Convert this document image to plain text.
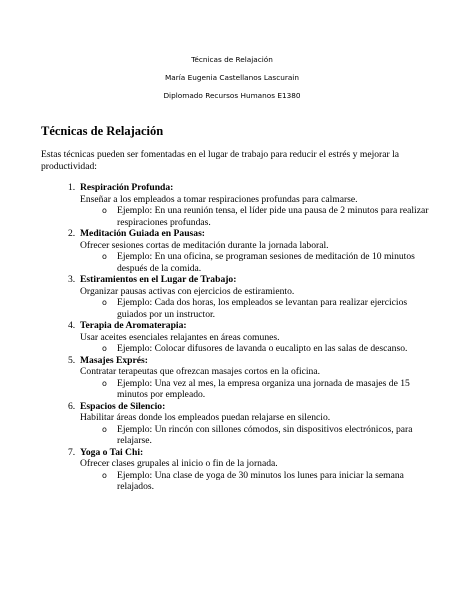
Técnicas de Relajación
María Eugenia Castellanos Lascurain
Diplomado Recursos Humanos E1380
Técnicas de Relajación
Estas técnicas pueden ser fomentadas en el lugar de trabajo para reducir el estrés y mejorar la productividad:
1. Respiración Profunda:
Enseñar a los empleados a tomar respiraciones profundas para calmarse.
o Ejemplo: En una reunión tensa, el líder pide una pausa de 2 minutos para realizar respiraciones profundas.
2. Meditación Guiada en Pausas:
Ofrecer sesiones cortas de meditación durante la jornada laboral.
o Ejemplo: En una oficina, se programan sesiones de meditación de 10 minutos después de la comida.
3. Estiramientos en el Lugar de Trabajo:
Organizar pausas activas con ejercicios de estiramiento.
o Ejemplo: Cada dos horas, los empleados se levantan para realizar ejercicios guiados por un instructor.
4. Terapia de Aromaterapia:
Usar aceites esenciales relajantes en áreas comunes.
o Ejemplo: Colocar difusores de lavanda o eucalipto en las salas de descanso.
5. Masajes Exprés:
Contratar terapeutas que ofrezcan masajes cortos en la oficina.
o Ejemplo: Una vez al mes, la empresa organiza una jornada de masajes de 15 minutos por empleado.
6. Espacios de Silencio:
Habilitar áreas donde los empleados puedan relajarse en silencio.
o Ejemplo: Un rincón con sillones cómodos, sin dispositivos electrónicos, para relajarse.
7. Yoga o Tai Chi:
Ofrecer clases grupales al inicio o fin de la jornada.
o Ejemplo: Una clase de yoga de 30 minutos los lunes para iniciar la semana relajados.
